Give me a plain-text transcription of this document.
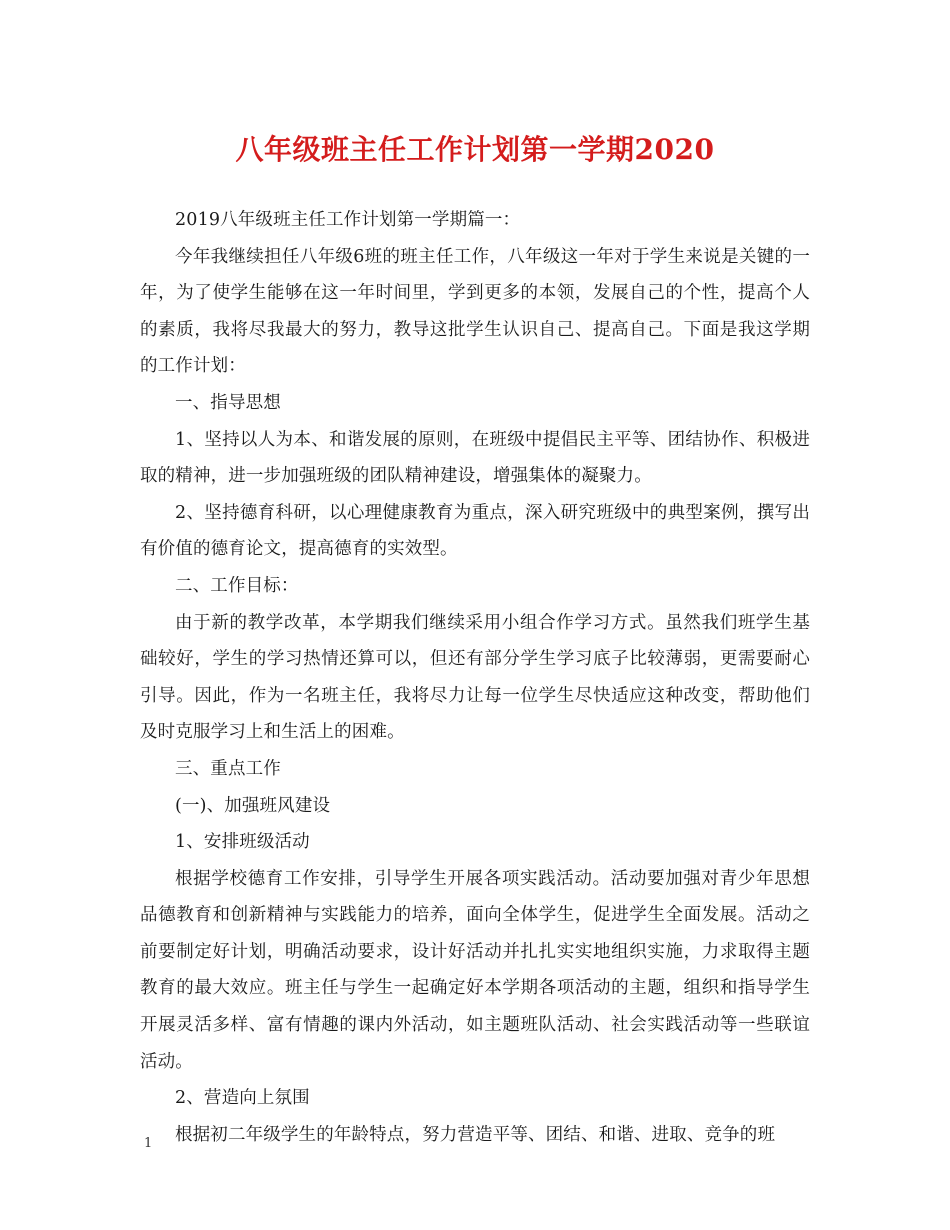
八年级班主任工作计划第一学期2020

2019八年级班主任工作计划第一学期篇一：

今年我继续担任八年级6班的班主任工作，八年级这一年对于学生来说是关键的一年，为了使学生能够在这一年时间里，学到更多的本领，发展自己的个性，提高个人的素质，我将尽我最大的努力，教导这批学生认识自己、提高自己。下面是我这学期的工作计划：

一、指导思想

1、坚持以人为本、和谐发展的原则，在班级中提倡民主平等、团结协作、积极进取的精神，进一步加强班级的团队精神建设，增强集体的凝聚力。

2、坚持德育科研，以心理健康教育为重点，深入研究班级中的典型案例，撰写出有价值的德育论文，提高德育的实效型。

二、工作目标：

由于新的教学改革，本学期我们继续采用小组合作学习方式。虽然我们班学生基础较好，学生的学习热情还算可以，但还有部分学生学习底子比较薄弱，更需要耐心引导。因此，作为一名班主任，我将尽力让每一位学生尽快适应这种改变，帮助他们及时克服学习上和生活上的困难。

三、重点工作

(一)、加强班风建设

1、安排班级活动

根据学校德育工作安排，引导学生开展各项实践活动。活动要加强对青少年思想品德教育和创新精神与实践能力的培养，面向全体学生，促进学生全面发展。活动之前要制定好计划，明确活动要求，设计好活动并扎扎实实地组织实施，力求取得主题教育的最大效应。班主任与学生一起确定好本学期各项活动的主题，组织和指导学生开展灵活多样、富有情趣的课内外活动，如主题班队活动、社会实践活动等一些联谊活动。

2、营造向上氛围

根据初二年级学生的年龄特点，努力营造平等、团结、和谐、进取、竞争的班

1
